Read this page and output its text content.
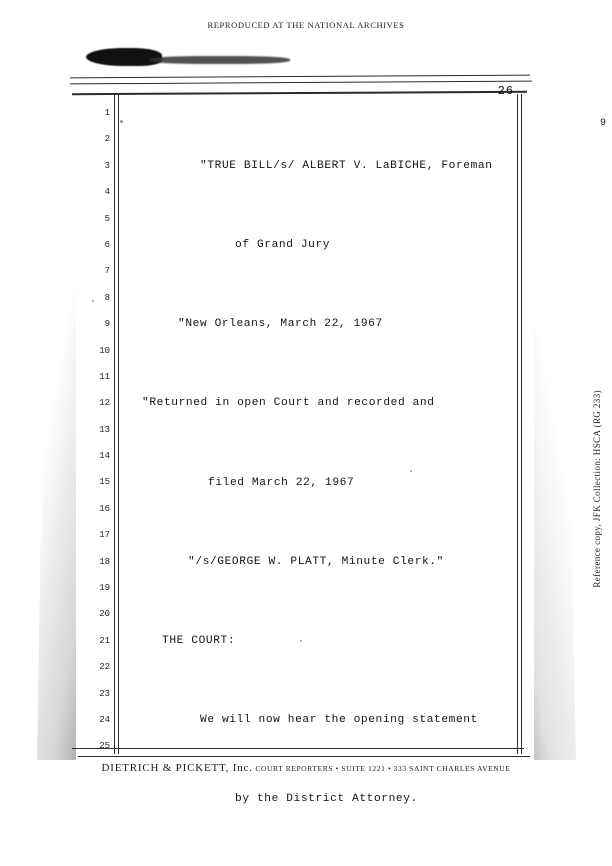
REPRODUCED AT THE NATIONAL ARCHIVES
26
1
2
3
4
5
6
7
8
9
10
11
12
13
14
15
16
17
18
19
20
21
22
23
24
25

"TRUE BILL/s/ ALBERT V. LaBICHE, Foreman

of Grand Jury

"New Orleans, March 22, 1967

"Returned in open Court and recorded and

filed March 22, 1967

"/s/GEORGE W. PLATT, Minute Clerk."

THE COURT:

We will now hear the opening statement

by the District Attorney.

Reference copy, JFK Collection: HSCA (RG 233)
9
DIETRICH & PICKETT, Inc. COURT REPORTERS • SUITE 1221 • 333 SAINT CHARLES AVENUE
